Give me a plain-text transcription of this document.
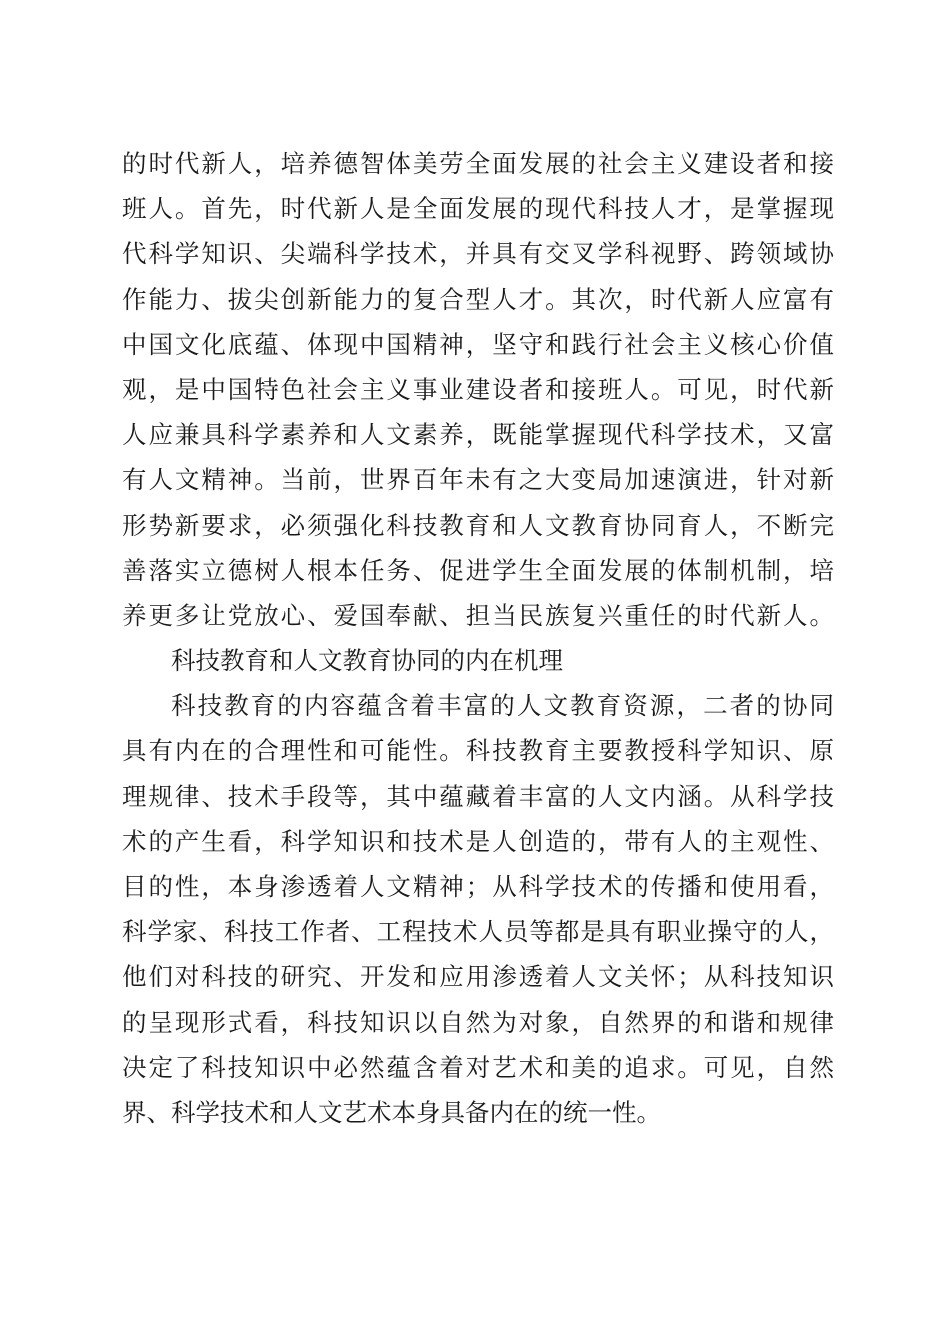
的时代新人，培养德智体美劳全面发展的社会主义建设者和接
班人。首先，时代新人是全面发展的现代科技人才，是掌握现
代科学知识、尖端科学技术，并具有交叉学科视野、跨领域协
作能力、拔尖创新能力的复合型人才。其次，时代新人应富有
中国文化底蕴、体现中国精神，坚守和践行社会主义核心价值
观，是中国特色社会主义事业建设者和接班人。可见，时代新
人应兼具科学素养和人文素养，既能掌握现代科学技术，又富
有人文精神。当前，世界百年未有之大变局加速演进，针对新
形势新要求，必须强化科技教育和人文教育协同育人，不断完
善落实立德树人根本任务、促进学生全面发展的体制机制，培
养更多让党放心、爱国奉献、担当民族复兴重任的时代新人。
科技教育和人文教育协同的内在机理
科技教育的内容蕴含着丰富的人文教育资源，二者的协同
具有内在的合理性和可能性。科技教育主要教授科学知识、原
理规律、技术手段等，其中蕴藏着丰富的人文内涵。从科学技
术的产生看，科学知识和技术是人创造的，带有人的主观性、
目的性，本身渗透着人文精神；从科学技术的传播和使用看，
科学家、科技工作者、工程技术人员等都是具有职业操守的人，
他们对科技的研究、开发和应用渗透着人文关怀；从科技知识
的呈现形式看，科技知识以自然为对象，自然界的和谐和规律
决定了科技知识中必然蕴含着对艺术和美的追求。可见，自然
界、科学技术和人文艺术本身具备内在的统一性。
